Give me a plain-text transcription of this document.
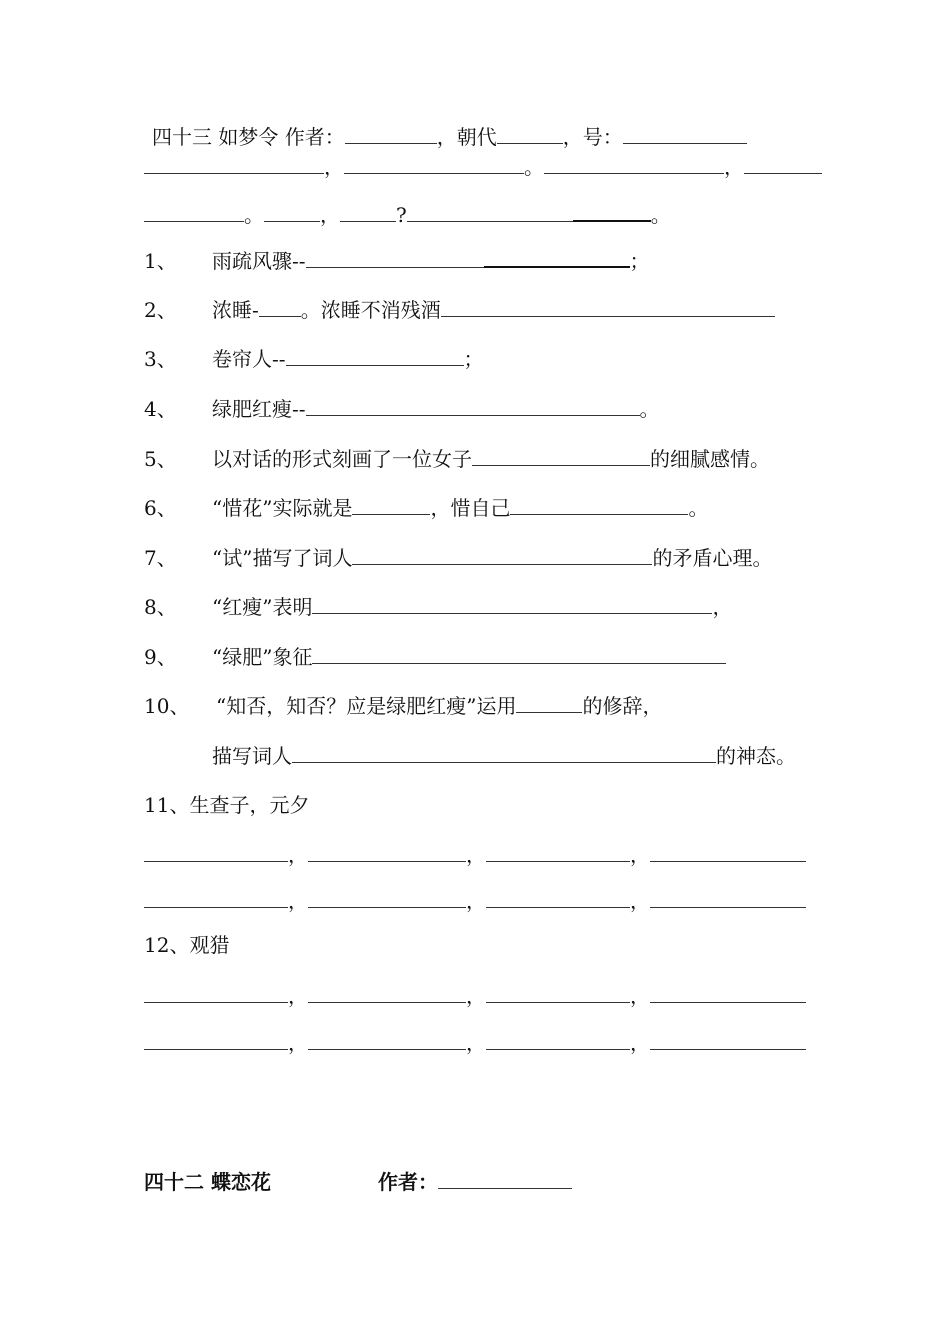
四十三 如梦令 作者：	，朝代	，号：
，	。	，
。	，	?	。
1、 雨疏风骤--	；
2、 浓睡- 。浓睡不消残酒
3、 卷帘人--	；
4、 绿肥红瘦--	。
5、 以对话的形式刻画了一位女子	的细腻感情。
6、 “惜花”实际就是	，惜自己	。
7、 “试”描写了词人	的矛盾心理。
8、 “红瘦”表明	，
9、 “绿肥”象征
10、 “知否，知否？应是绿肥红瘦”运用	的修辞，
描写词人	的神态。
11、生查子，元夕
，	，	，
，	，	，
12、观猎
，	，	，
，	，	，
四十二 蝶恋花	作者：
